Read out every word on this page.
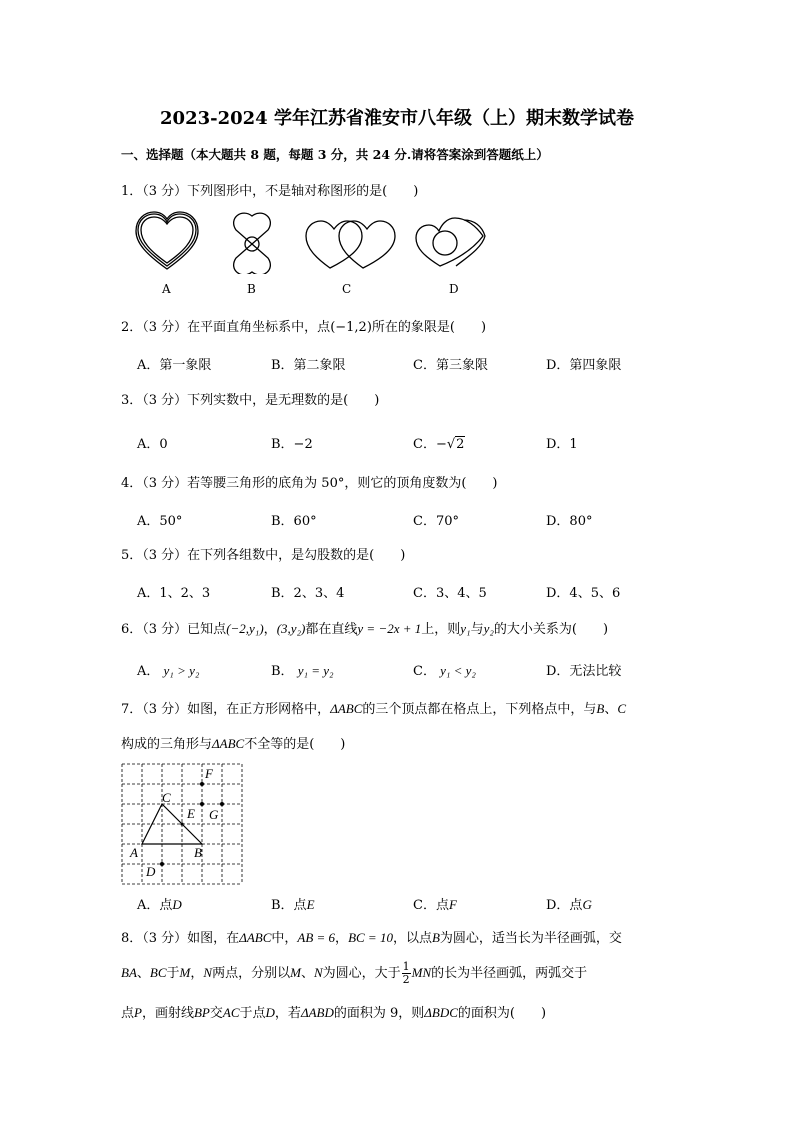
2023-2024 学年江苏省淮安市八年级（上）期末数学试卷
一、选择题（本大题共 8 题，每题 3 分，共 24 分.请将答案涂到答题纸上）
1．（3 分）下列图形中，不是轴对称图形的是(　　)
A	B	C	D
2．（3 分）在平面直角坐标系中，点(−1,2)所在的象限是(　　)
A．第一象限	B．第二象限	C．第三象限	D．第四象限
3．（3 分）下列实数中，是无理数的是(　　)
A．0	B．−2	C．−√2	D．1
4．（3 分）若等腰三角形的底角为 50°，则它的顶角度数为(　　)
A．50°	B．60°	C．70°	D．80°
5．（3 分）在下列各组数中，是勾股数的是(　　)
A．1、2、3	B．2、3、4	C．3、4、5	D．4、5、6
6．（3 分）已知点(−2,y₁)，(3,y₂)都在直线y = −2x + 1上，则y₁与y₂的大小关系为(　　)
A． y₁ > y₂	B． y₁ = y₂	C． y₁ < y₂	D．无法比较
7．（3 分）如图，在正方形网格中，ΔABC的三个顶点都在格点上，下列格点中，与B、C
构成的三角形与ΔABC不全等的是(　　)
A	B
C
D
E
F
G
A．点D	B．点E	C．点F	D．点G
8．（3 分）如图，在ΔABC中，AB = 6，BC = 10，以点B为圆心，适当长为半径画弧，交
BA、BC于M，N两点，分别以M、N为圆心，大于 $\frac{1}{2}$ MN的长为半径画弧，两弧交于
点P，画射线BP交AC于点D，若ΔABD的面积为 9，则ΔBDC的面积为(　　)
